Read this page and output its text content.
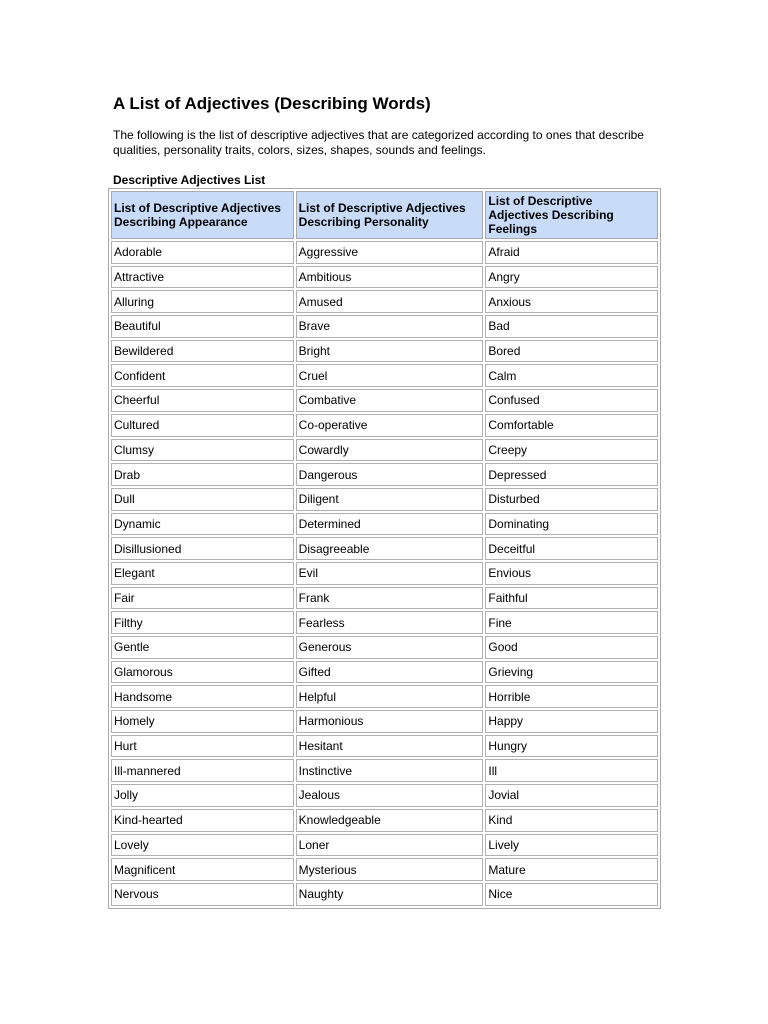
A List of Adjectives (Describing Words)

The following is the list of descriptive adjectives that are categorized according to ones that describe qualities, personality traits, colors, sizes, shapes, sounds and feelings.

Descriptive Adjectives List

List of Descriptive Adjectives Describing Appearance	List of Descriptive Adjectives Describing Personality	List of Descriptive Adjectives Describing Feelings
Adorable	Aggressive	Afraid
Attractive	Ambitious	Angry
Alluring	Amused	Anxious
Beautiful	Brave	Bad
Bewildered	Bright	Bored
Confident	Cruel	Calm
Cheerful	Combative	Confused
Cultured	Co-operative	Comfortable
Clumsy	Cowardly	Creepy
Drab	Dangerous	Depressed
Dull	Diligent	Disturbed
Dynamic	Determined	Dominating
Disillusioned	Disagreeable	Deceitful
Elegant	Evil	Envious
Fair	Frank	Faithful
Filthy	Fearless	Fine
Gentle	Generous	Good
Glamorous	Gifted	Grieving
Handsome	Helpful	Horrible
Homely	Harmonious	Happy
Hurt	Hesitant	Hungry
Ill-mannered	Instinctive	Ill
Jolly	Jealous	Jovial
Kind-hearted	Knowledgeable	Kind
Lovely	Loner	Lively
Magnificent	Mysterious	Mature
Nervous	Naughty	Nice
